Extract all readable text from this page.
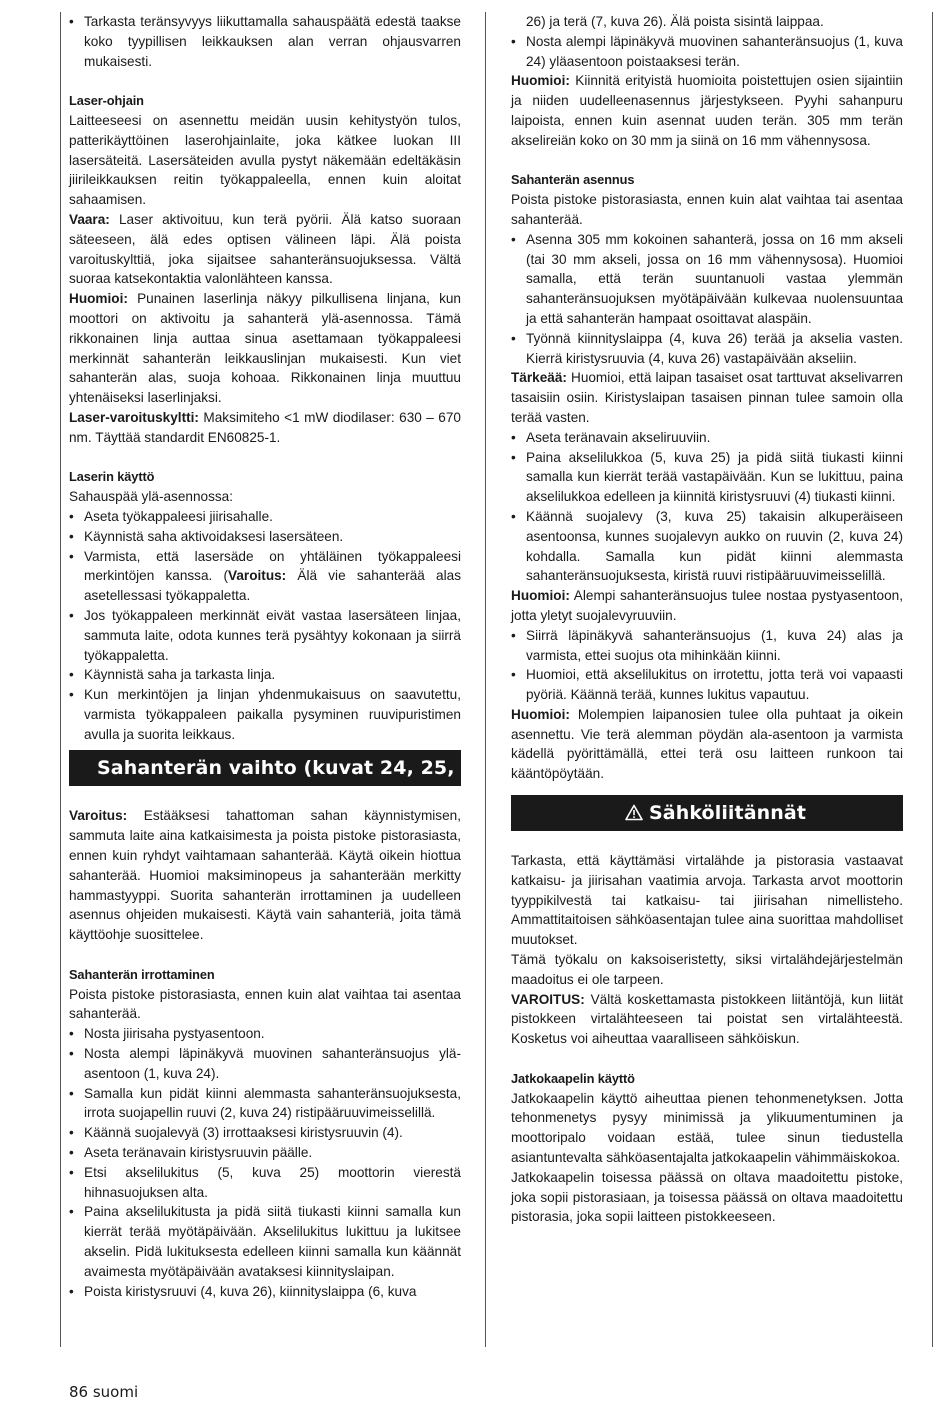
• Tarkasta teränsyvyys liikuttamalla sahauspäätä edestä taakse koko tyypillisen leikkauksen alan verran ohjausvarren mukaisesti.

Laser-ohjain

Laitteeseesi on asennettu meidän uusin kehitystyön tulos, patterikäyttöinen laserohjainlaite, joka kätkee luokan III lasersäteitä. Lasersäteiden avulla pystyt näkemään edeltäkäsin jiirileikkauksen reitin työkappaleella, ennen kuin aloitat sahaamisen.

Vaara: Laser aktivoituu, kun terä pyörii. Älä katso suoraan säteeseen, älä edes optisen välineen läpi. Älä poista varoituskylttiä, joka sijaitsee sahanteränsuojuksessa. Vältä suoraa katsekontaktia valonlähteen kanssa.

Huomioi: Punainen laserlinja näkyy pilkullisena linjana, kun moottori on aktivoitu ja sahanterä ylä-asennossa. Tämä rikkonainen linja auttaa sinua asettamaan työkappaleesi merkinnät sahanterän leikkauslinjan mukaisesti. Kun viet sahanterän alas, suoja kohoaa. Rikkonainen linja muuttuu yhtenäiseksi laserlinjaksi.

Laser-varoituskyltti: Maksimiteho <1 mW diodilaser: 630 – 670 nm. Täyttää standardit EN60825-1.

Laserin käyttö

Sahauspää ylä-asennossa:

• Aseta työkappaleesi jiirisahalle.
• Käynnistä saha aktivoidaksesi lasersäteen.
• Varmista, että lasersäde on yhtäläinen työkappaleesi merkintöjen kanssa. (Varoitus: Älä vie sahanterää alas asetellessasi työkappaletta.
• Jos työkappaleen merkinnät eivät vastaa lasersäteen linjaa, sammuta laite, odota kunnes terä pysähtyy kokonaan ja siirrä työkappaletta.
• Käynnistä saha ja tarkasta linja.
• Kun merkintöjen ja linjan yhdenmukaisuus on saavutettu, varmista työkappaleen paikalla pysyminen ruuvipuristimen avulla ja suorita leikkaus.
Sahanterän vaihto (kuvat 24, 25, 26)

Varoitus: Estääksesi tahattoman sahan käynnistymisen, sammuta laite aina katkaisimesta ja poista pistoke pistorasiasta, ennen kuin ryhdyt vaihtamaan sahanterää. Käytä oikein hiottua sahanterää. Huomioi maksiminopeus ja sahanterään merkitty hammastyyppi. Suorita sahanterän irrottaminen ja uudelleen asennus ohjeiden mukaisesti. Käytä vain sahanteriä, joita tämä käyttöohje suosittelee.

Sahanterän irrottaminen

Poista pistoke pistorasiasta, ennen kuin alat vaihtaa tai asentaa sahanterää.

• Nosta jiirisaha pystyasentoon.
• Nosta alempi läpinäkyvä muovinen sahanteränsuojus ylä-asentoon (1, kuva 24).
• Samalla kun pidät kiinni alemmasta sahanteränsuojuksesta, irrota suojapellin ruuvi (2, kuva 24) ristipääruuvimeisselillä.
• Käännä suojalevyä (3) irrottaaksesi kiristysruuvin (4).
• Aseta teränavain kiristysruuvin päälle.
• Etsi akselilukitus (5, kuva 25) moottorin vierestä hihnasuojuksen alta.
• Paina akselilukitusta ja pidä siitä tiukasti kiinni samalla kun kierrät terää myötäpäivään. Akselilukitus lukittuu ja lukitsee akselin. Pidä lukituksesta edelleen kiinni samalla kun käännät avaimesta myötäpäivään avataksesi kiinnityslaipan.
• Poista kiristysruuvi (4, kuva 26), kiinnityslaippa (6, kuva

26) ja terä (7, kuva 26). Älä poista sisintä laippaa.

• Nosta alempi läpinäkyvä muovinen sahanteränsuojus (1, kuva 24) yläasentoon poistaaksesi terän.

Huomioi: Kiinnitä erityistä huomioita poistettujen osien sijaintiin ja niiden uudelleenasennus järjestykseen. Pyyhi sahanpuru laipoista, ennen kuin asennat uuden terän. 305 mm terän akselireiän koko on 30 mm ja siinä on 16 mm vähennysosa.

Sahanterän asennus

Poista pistoke pistorasiasta, ennen kuin alat vaihtaa tai asentaa sahanterää.

• Asenna 305 mm kokoinen sahanterä, jossa on 16 mm akseli (tai 30 mm akseli, jossa on 16 mm vähennysosa). Huomioi samalla, että terän suuntanuoli vastaa ylemmän sahanteränsuojuksen myötäpäivään kulkevaa nuolensuuntaa ja että sahanterän hampaat osoittavat alaspäin.
• Työnnä kiinnityslaippa (4, kuva 26) terää ja akselia vasten. Kierrä kiristysruuvia (4, kuva 26) vastapäivään akseliin.

Tärkeää: Huomioi, että laipan tasaiset osat tarttuvat akselivarren tasaisiin osiin. Kiristyslaipan tasaisen pinnan tulee samoin olla terää vasten.

• Aseta teränavain akseliruuviin.
• Paina akselilukkoa (5, kuva 25) ja pidä siitä tiukasti kiinni samalla kun kierrät terää vastapäivään. Kun se lukittuu, paina akselilukkoa edelleen ja kiinnitä kiristysruuvi (4) tiukasti kiinni.
• Käännä suojalevy (3, kuva 25) takaisin alkuperäiseen asentoonsa, kunnes suojalevyn aukko on ruuvin (2, kuva 24) kohdalla. Samalla kun pidät kiinni alemmasta sahanteränsuojuksesta, kiristä ruuvi ristipääruuvimeisselillä.

Huomioi: Alempi sahanteränsuojus tulee nostaa pystyasentoon, jotta yletyt suojalevyruuviin.

• Siirrä läpinäkyvä sahanteränsuojus (1, kuva 24) alas ja varmista, ettei suojus ota mihinkään kiinni.
• Huomioi, että akselilukitus on irrotettu, jotta terä voi vapaasti pyöriä. Käännä terää, kunnes lukitus vapautuu.

Huomioi: Molempien laipanosien tulee olla puhtaat ja oikein asennettu. Vie terä alemman pöydän ala-asentoon ja varmista kädellä pyörittämällä, ettei terä osu laitteen runkoon tai kääntöpöytään.

Sähköliitännät

Tarkasta, että käyttämäsi virtalähde ja pistorasia vastaavat katkaisu- ja jiirisahan vaatimia arvoja. Tarkasta arvot moottorin tyyppikilvestä tai katkaisu- tai jiirisahan nimellisteho. Ammattitaitoisen sähköasentajan tulee aina suorittaa mahdolliset muutokset.

Tämä työkalu on kaksoiseristetty, siksi virtalähdejärjestelmän maadoitus ei ole tarpeen.

VAROITUS: Vältä koskettamasta pistokkeen liitäntöjä, kun liität pistokkeen virtalähteeseen tai poistat sen virtalähteestä. Kosketus voi aiheuttaa vaaralliseen sähköiskun.

Jatkokaapelin käyttö

Jatkokaapelin käyttö aiheuttaa pienen tehonmenetyksen. Jotta tehonmenetys pysyy minimissä ja ylikuumentuminen ja moottoripalo voidaan estää, tulee sinun tiedustella asiantuntevalta sähköasentajalta jatkokaapelin vähimmäiskokoa.

Jatkokaapelin toisessa päässä on oltava maadoitettu pistoke, joka sopii pistorasiaan, ja toisessa päässä on oltava maadoitettu pistorasia, joka sopii laitteen pistokkeeseen.

86 suomi
